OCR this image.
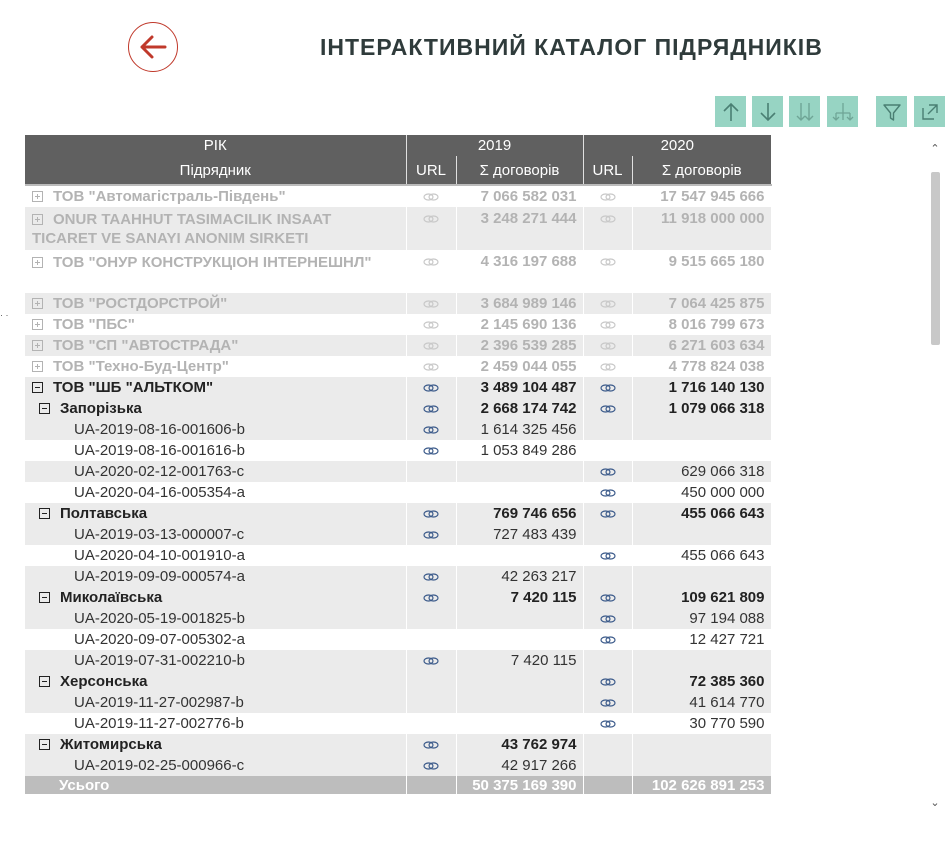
ІНТЕРАКТИВНИЙ КАТАЛОГ ПІДРЯДНИКІВ
· ·
РІК	2019		2020	
Підрядник	URL	Σ договорів	URL	Σ договорів
ТОВ "Автомагістраль-Південь"		7 066 582 031		17 547 945 666
ONUR TAAHHUT TASIMACILIK INSAAT TICARET VE SANAYI ANONIM SIRKETI		3 248 271 444		11 918 000 000
ТОВ "ОНУР КОНСТРУКЦІОН ІНТЕРНЕШНЛ"		4 316 197 688		9 515 665 180
ТОВ "РОСТДОРСТРОЙ"		3 684 989 146		7 064 425 875
ТОВ "ПБС"		2 145 690 136		8 016 799 673
ТОВ "СП "АВТОСТРАДА"		2 396 539 285		6 271 603 634
ТОВ "Техно-Буд-Центр"		2 459 044 055		4 778 824 038
ТОВ "ШБ "АЛЬТКОМ"		3 489 104 487		1 716 140 130
Запорізька		2 668 174 742		1 079 066 318
UA-2019-08-16-001606-b		1 614 325 456		
UA-2019-08-16-001616-b		1 053 849 286		
UA-2020-02-12-001763-c				629 066 318
UA-2020-04-16-005354-a				450 000 000
Полтавська		769 746 656		455 066 643
UA-2019-03-13-000007-c		727 483 439		
UA-2020-04-10-001910-a				455 066 643
UA-2019-09-09-000574-a		42 263 217		
Миколаївська		7 420 115		109 621 809
UA-2020-05-19-001825-b				97 194 088
UA-2020-09-07-005302-a				12 427 721
UA-2019-07-31-002210-b		7 420 115		
Херсонська				72 385 360
UA-2019-11-27-002987-b				41 614 770
UA-2019-11-27-002776-b				30 770 590
Житомирська		43 762 974		
UA-2019-02-25-000966-c		42 917 266		
Усього		50 375 169 390		102 626 891 253
⌃
⌄
